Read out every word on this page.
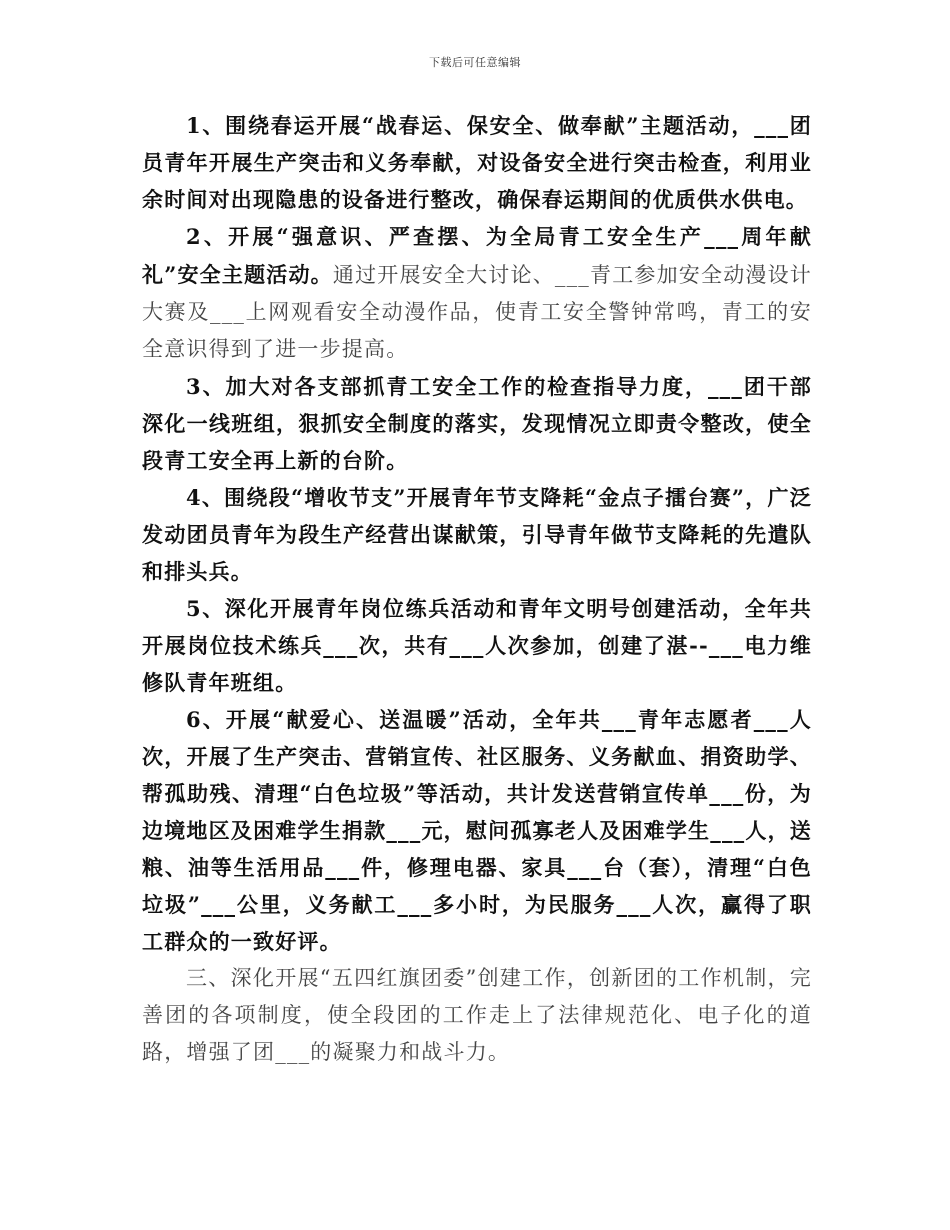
下载后可任意编辑

1、围绕春运开展“战春运、保安全、做奉献”主题活动，___团员青年开展生产突击和义务奉献，对设备安全进行突击检查，利用业余时间对出现隐患的设备进行整改，确保春运期间的优质供水供电。

2、开展“强意识、严查摆、为全局青工安全生产___周年献礼”安全主题活动。通过开展安全大讨论、___青工参加安全动漫设计大赛及___上网观看安全动漫作品，使青工安全警钟常鸣，青工的安全意识得到了进一步提高。

3、加大对各支部抓青工安全工作的检查指导力度，___团干部深化一线班组，狠抓安全制度的落实，发现情况立即责令整改，使全段青工安全再上新的台阶。

4、围绕段“增收节支”开展青年节支降耗“金点子擂台赛”，广泛发动团员青年为段生产经营出谋献策，引导青年做节支降耗的先遣队和排头兵。

5、深化开展青年岗位练兵活动和青年文明号创建活动，全年共开展岗位技术练兵___次，共有___人次参加，创建了湛--___电力维修队青年班组。

6、开展“献爱心、送温暖”活动，全年共___青年志愿者___人次，开展了生产突击、营销宣传、社区服务、义务献血、捐资助学、帮孤助残、清理“白色垃圾”等活动，共计发送营销宣传单___份，为边境地区及困难学生捐款___元，慰问孤寡老人及困难学生___人，送粮、油等生活用品___件，修理电器、家具___台（套），清理“白色垃圾”___公里，义务献工___多小时，为民服务___人次，赢得了职工群众的一致好评。

三、深化开展“五四红旗团委”创建工作，创新团的工作机制，完善团的各项制度，使全段团的工作走上了法律规范化、电子化的道路，增强了团___的凝聚力和战斗力。
